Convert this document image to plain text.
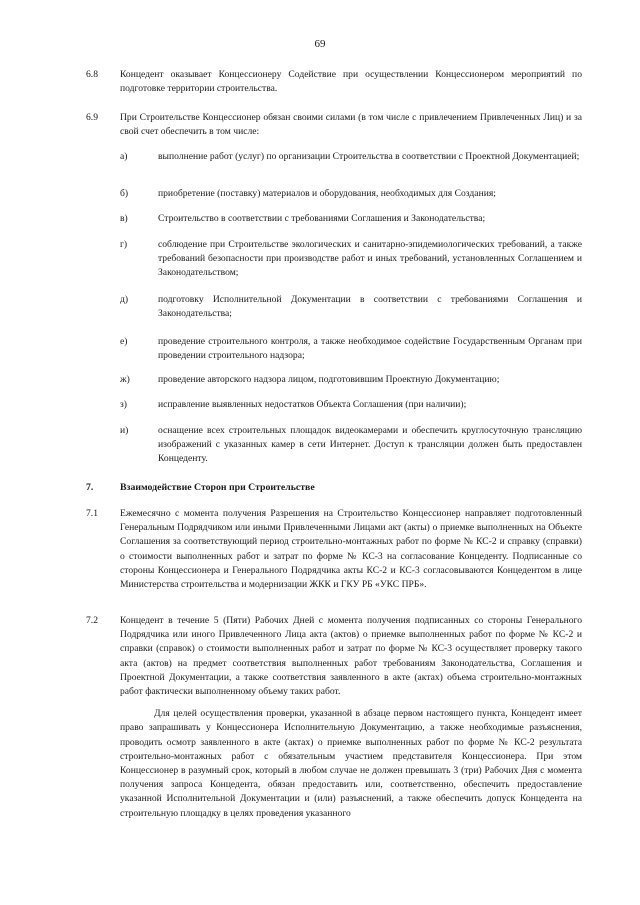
69
6.8	Концедент оказывает Концессионеру Содействие при осуществлении Концессионером мероприятий по подготовке территории строительства.
6.9	При Строительстве Концессионер обязан своими силами (в том числе с привлечением Привлеченных Лиц) и за свой счет обеспечить в том числе:
а)	выполнение работ (услуг) по организации Строительства в соответствии с Проектной Документацией;
б)	приобретение (поставку) материалов и оборудования, необходимых для Создания;
в)	Строительство в соответствии с требованиями Соглашения и Законодательства;
г)	соблюдение при Строительстве экологических и санитарно-эпидемиологических требований, а также требований безопасности при производстве работ и иных требований, установленных Соглашением и Законодательством;
д)	подготовку Исполнительной Документации в соответствии с требованиями Соглашения и Законодательства;
е)	проведение строительного контроля, а также необходимое содействие Государственным Органам при проведении строительного надзора;
ж)	проведение авторского надзора лицом, подготовившим Проектную Документацию;
з)	исправление выявленных недостатков Объекта Соглашения (при наличии);
и)	оснащение всех строительных площадок видеокамерами и обеспечить круглосуточную трансляцию изображений с указанных камер в сети Интернет. Доступ к трансляции должен быть предоставлен Концеденту.
7.	Взаимодействие Сторон при Строительстве
7.1	Ежемесячно с момента получения Разрешения на Строительство Концессионер направляет подготовленный Генеральным Подрядчиком или иными Привлеченными Лицами акт (акты) о приемке выполненных на Объекте Соглашения за соответствующий период строительно-монтажных работ по форме № КС-2 и справку (справки) о стоимости выполненных работ и затрат по форме № КС-3 на согласование Концеденту. Подписанные со стороны Концессионера и Генерального Подрядчика акты КС-2 и КС-3 согласовываются Концедентом в лице Министерства строительства и модернизации ЖКК и ГКУ РБ «УКС ПРБ».
7.2	Концедент в течение 5 (Пяти) Рабочих Дней с момента получения подписанных со стороны Генерального Подрядчика или иного Привлеченного Лица акта (актов) о приемке выполненных работ по форме № КС-2 и справки (справок) о стоимости выполненных работ и затрат по форме № КС-3 осуществляет проверку такого акта (актов) на предмет соответствия выполненных работ требованиям Законодательства, Соглашения и Проектной Документации, а также соответствия заявленного в акте (актах) объема строительно-монтажных работ фактически выполненному объему таких работ.

Для целей осуществления проверки, указанной в абзаце первом настоящего пункта, Концедент имеет право запрашивать у Концессионера Исполнительную Документацию, а также необходимые разъяснения, проводить осмотр заявленного в акте (актах) о приемке выполненных работ по форме № КС-2 результата строительно-монтажных работ с обязательным участием представителя Концессионера. При этом Концессионер в разумный срок, который в любом случае не должен превышать 3 (три) Рабочих Дня с момента получения запроса Концедента, обязан предоставить или, соответственно, обеспечить предоставление указанной Исполнительной Документации и (или) разъяснений, а также обеспечить допуск Концедента на строительную площадку в целях проведения указанного
